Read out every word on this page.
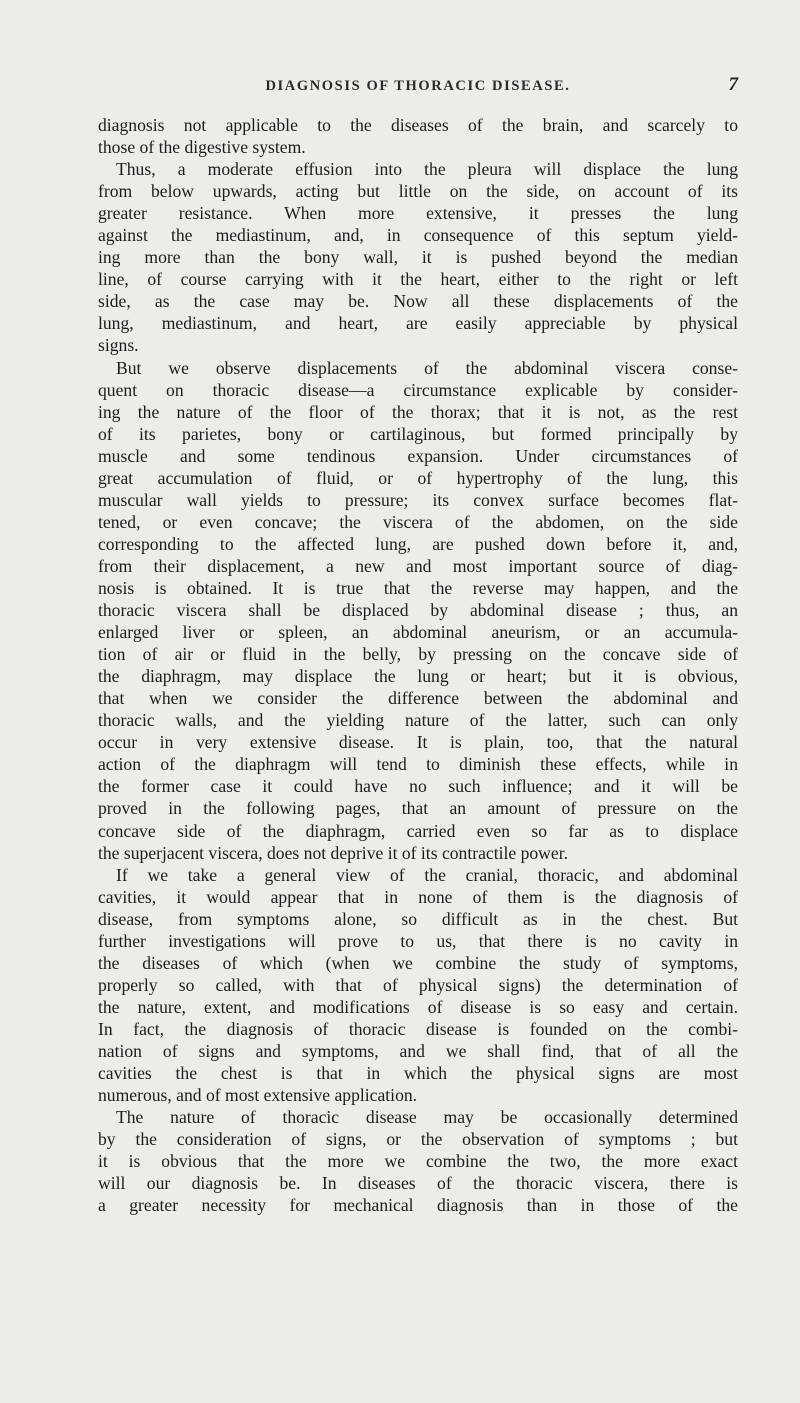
DIAGNOSIS OF THORACIC DISEASE.	7
diagnosis not applicable to the diseases of the brain, and scarcely to
those of the digestive system.
Thus, a moderate effusion into the pleura will displace the lung
from below upwards, acting but little on the side, on account of its
greater resistance. When more extensive, it presses the lung
against the mediastinum, and, in consequence of this septum yield-
ing more than the bony wall, it is pushed beyond the median
line, of course carrying with it the heart, either to the right or left
side, as the case may be. Now all these displacements of the
lung, mediastinum, and heart, are easily appreciable by physical
signs.
But we observe displacements of the abdominal viscera conse-
quent on thoracic disease—a circumstance explicable by consider-
ing the nature of the floor of the thorax; that it is not, as the rest
of its parietes, bony or cartilaginous, but formed principally by
muscle and some tendinous expansion. Under circumstances of
great accumulation of fluid, or of hypertrophy of the lung, this
muscular wall yields to pressure; its convex surface becomes flat-
tened, or even concave; the viscera of the abdomen, on the side
corresponding to the affected lung, are pushed down before it, and,
from their displacement, a new and most important source of diag-
nosis is obtained. It is true that the reverse may happen, and the
thoracic viscera shall be displaced by abdominal disease ; thus, an
enlarged liver or spleen, an abdominal aneurism, or an accumula-
tion of air or fluid in the belly, by pressing on the concave side of
the diaphragm, may displace the lung or heart; but it is obvious,
that when we consider the difference between the abdominal and
thoracic walls, and the yielding nature of the latter, such can only
occur in very extensive disease. It is plain, too, that the natural
action of the diaphragm will tend to diminish these effects, while in
the former case it could have no such influence; and it will be
proved in the following pages, that an amount of pressure on the
concave side of the diaphragm, carried even so far as to displace
the superjacent viscera, does not deprive it of its contractile power.
If we take a general view of the cranial, thoracic, and abdominal
cavities, it would appear that in none of them is the diagnosis of
disease, from symptoms alone, so difficult as in the chest. But
further investigations will prove to us, that there is no cavity in
the diseases of which (when we combine the study of symptoms,
properly so called, with that of physical signs) the determination of
the nature, extent, and modifications of disease is so easy and certain.
In fact, the diagnosis of thoracic disease is founded on the combi-
nation of signs and symptoms, and we shall find, that of all the
cavities the chest is that in which the physical signs are most
numerous, and of most extensive application.
The nature of thoracic disease may be occasionally determined
by the consideration of signs, or the observation of symptoms ; but
it is obvious that the more we combine the two, the more exact
will our diagnosis be. In diseases of the thoracic viscera, there is
a greater necessity for mechanical diagnosis than in those of the
